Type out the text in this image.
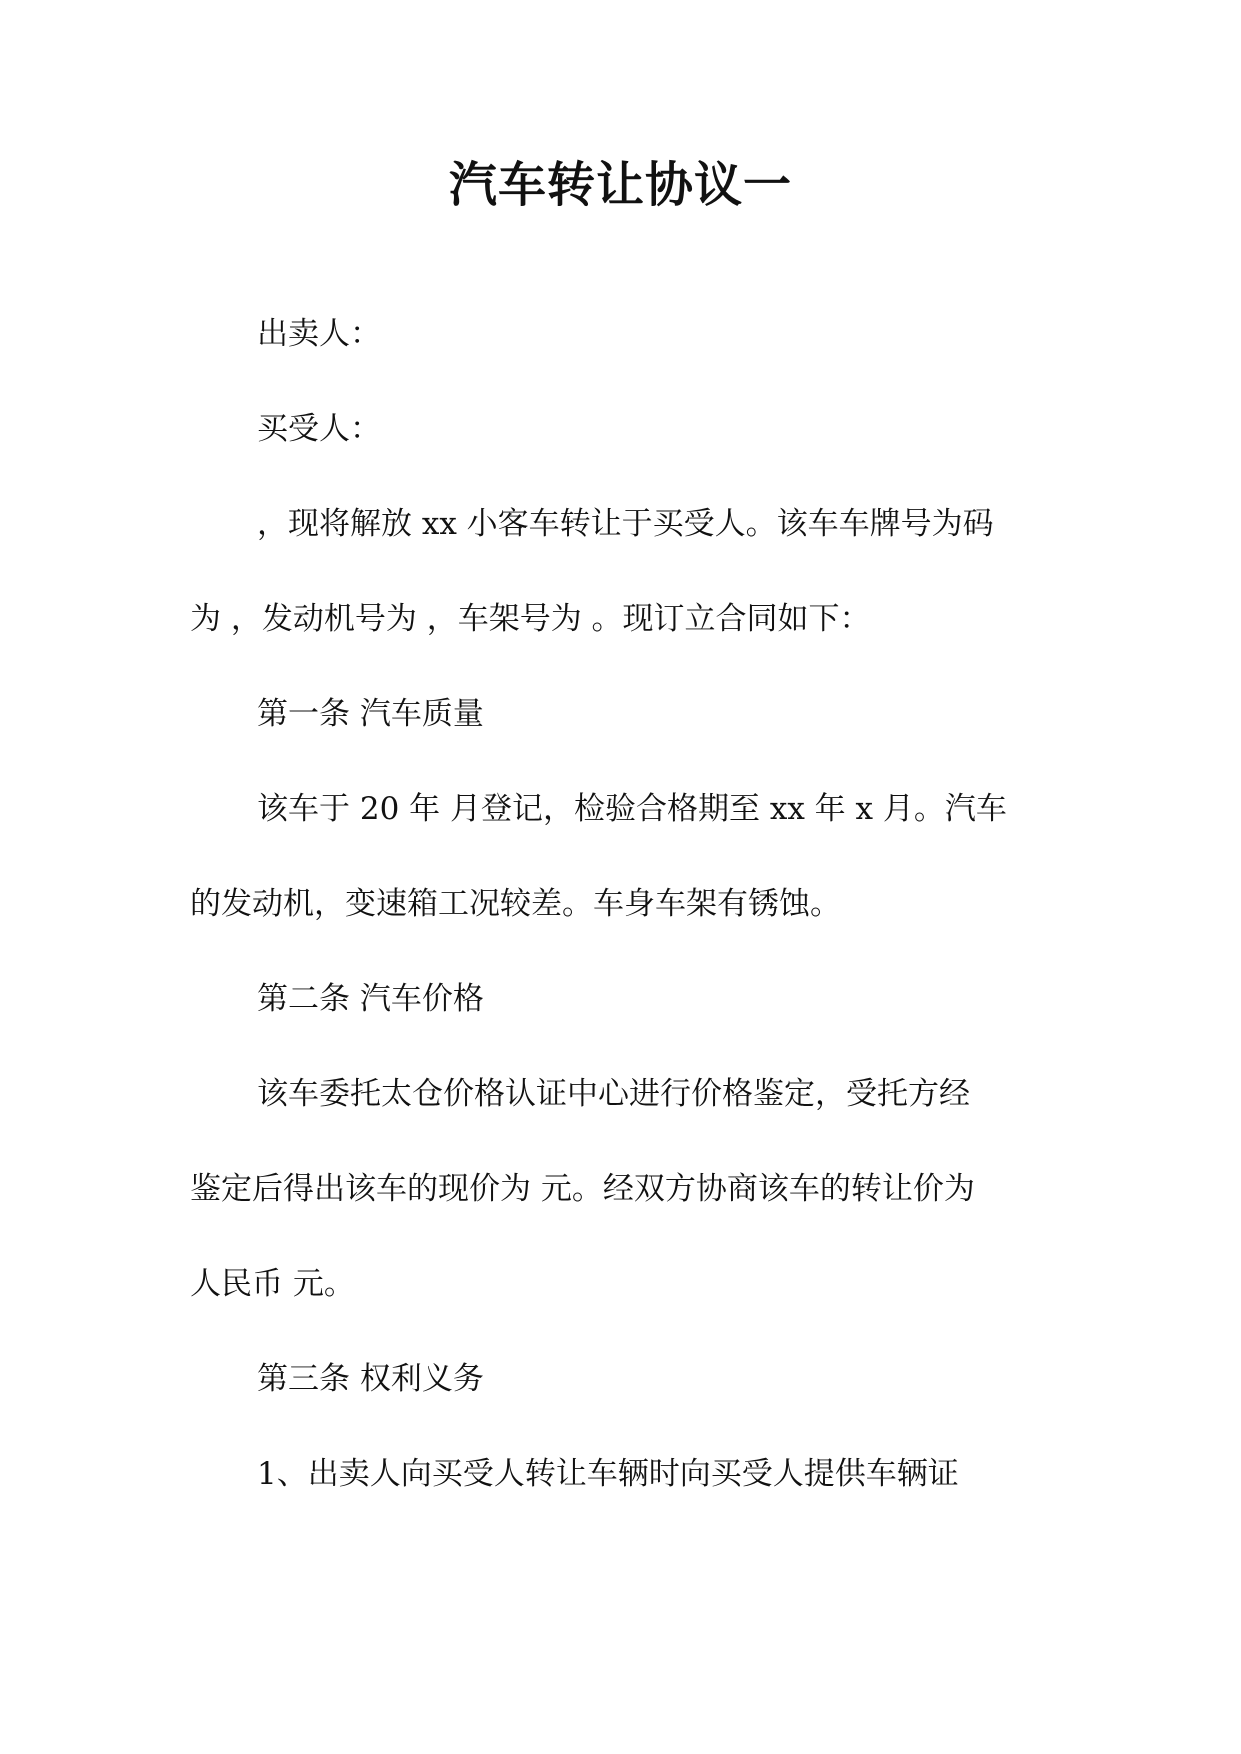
汽车转让协议一
出卖人：
买受人：
，现将解放 xx 小客车转让于买受人。该车车牌号为码
为 ，发动机号为 ，车架号为 。现订立合同如下：
第一条 汽车质量
该车于 20 年 月登记，检验合格期至 xx 年 x 月。汽车
的发动机，变速箱工况较差。车身车架有锈蚀。
第二条 汽车价格
该车委托太仓价格认证中心进行价格鉴定，受托方经
鉴定后得出该车的现价为 元。经双方协商该车的转让价为
人民币 元。
第三条 权利义务
1、出卖人向买受人转让车辆时向买受人提供车辆证
